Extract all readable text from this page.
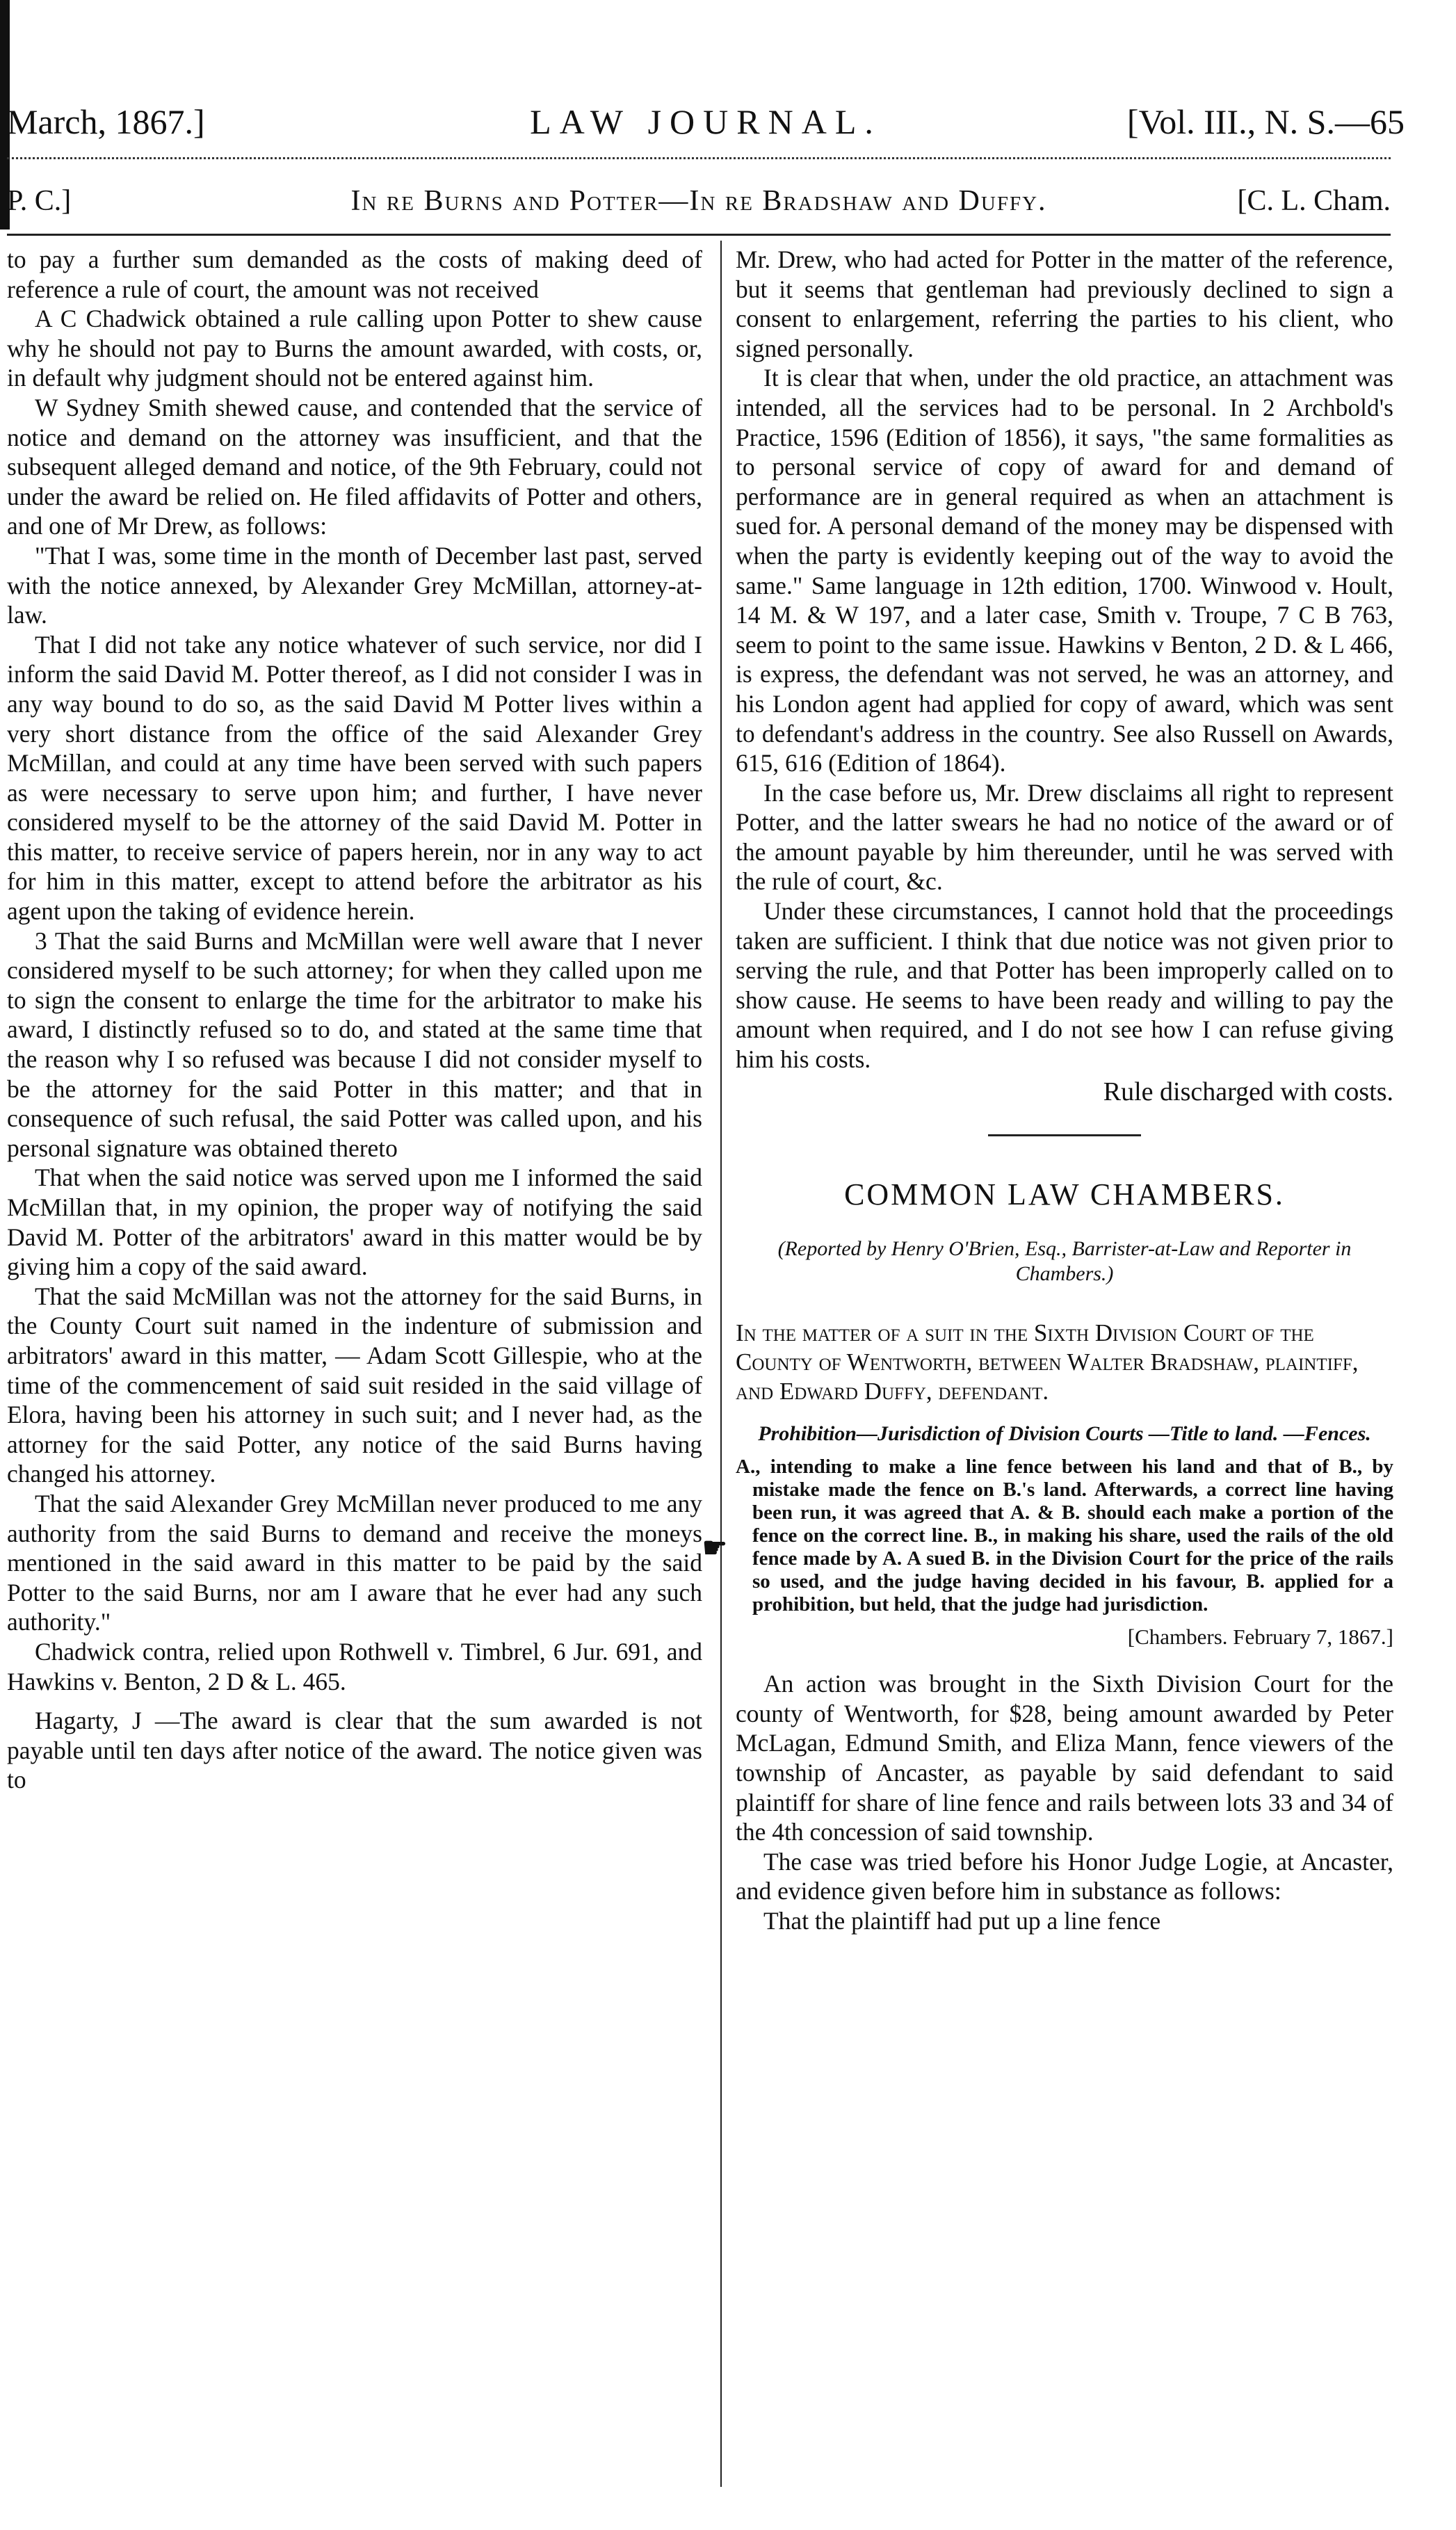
March, 1867.]	LAW JOURNAL.	[Vol. III., N. S.—65
P. C.]	In re Burns and Potter—In re Bradshaw and Duffy.	[C. L. Cham.

to pay a further sum demanded as the costs of making deed of reference a rule of court, the amount was not received

A C Chadwick obtained a rule calling upon Potter to shew cause why he should not pay to Burns the amount awarded, with costs, or, in default why judgment should not be entered against him.

W Sydney Smith shewed cause, and contended that the service of notice and demand on the attorney was insufficient, and that the subsequent alleged demand and notice, of the 9th February, could not under the award be relied on. He filed affidavits of Potter and others, and one of Mr Drew, as follows:

"That I was, some time in the month of December last past, served with the notice annexed, by Alexander Grey McMillan, attorney-at-law.

That I did not take any notice whatever of such service, nor did I inform the said David M. Potter thereof, as I did not consider I was in any way bound to do so, as the said David M Potter lives within a very short distance from the office of the said Alexander Grey McMillan, and could at any time have been served with such papers as were necessary to serve upon him; and further, I have never considered myself to be the attorney of the said David M. Potter in this matter, to receive service of papers herein, nor in any way to act for him in this matter, except to attend before the arbitrator as his agent upon the taking of evidence herein.

3 That the said Burns and McMillan were well aware that I never considered myself to be such attorney; for when they called upon me to sign the consent to enlarge the time for the arbitrator to make his award, I distinctly refused so to do, and stated at the same time that the reason why I so refused was because I did not consider myself to be the attorney for the said Potter in this matter; and that in consequence of such refusal, the said Potter was called upon, and his personal signature was obtained thereto

That when the said notice was served upon me I informed the said McMillan that, in my opinion, the proper way of notifying the said David M. Potter of the arbitrators' award in this matter would be by giving him a copy of the said award.

That the said McMillan was not the attorney for the said Burns, in the County Court suit named in the indenture of submission and arbitrators' award in this matter, — Adam Scott Gillespie, who at the time of the commencement of said suit resided in the said village of Elora, having been his attorney in such suit; and I never had, as the attorney for the said Potter, any notice of the said Burns having changed his attorney.

That the said Alexander Grey McMillan never produced to me any authority from the said Burns to demand and receive the moneys mentioned in the said award in this matter to be paid by the said Potter to the said Burns, nor am I aware that he ever had any such authority."

Chadwick contra, relied upon Rothwell v. Timbrel, 6 Jur. 691, and Hawkins v. Benton, 2 D & L. 465.

Hagarty, J —The award is clear that the sum awarded is not payable until ten days after notice of the award. The notice given was to

Mr. Drew, who had acted for Potter in the matter of the reference, but it seems that gentleman had previously declined to sign a consent to enlargement, referring the parties to his client, who signed personally.

It is clear that when, under the old practice, an attachment was intended, all the services had to be personal. In 2 Archbold's Practice, 1596 (Edition of 1856), it says, "the same formalities as to personal service of copy of award for and demand of performance are in general required as when an attachment is sued for. A personal demand of the money may be dispensed with when the party is evidently keeping out of the way to avoid the same." Same language in 12th edition, 1700. Winwood v. Hoult, 14 M. & W 197, and a later case, Smith v. Troupe, 7 C B 763, seem to point to the same issue. Hawkins v Benton, 2 D. & L 466, is express, the defendant was not served, he was an attorney, and his London agent had applied for copy of award, which was sent to defendant's address in the country. See also Russell on Awards, 615, 616 (Edition of 1864).

In the case before us, Mr. Drew disclaims all right to represent Potter, and the latter swears he had no notice of the award or of the amount payable by him thereunder, until he was served with the rule of court, &c.

Under these circumstances, I cannot hold that the proceedings taken are sufficient. I think that due notice was not given prior to serving the rule, and that Potter has been improperly called on to show cause. He seems to have been ready and willing to pay the amount when required, and I do not see how I can refuse giving him his costs.

Rule discharged with costs.

COMMON LAW CHAMBERS.
(Reported by Henry O'Brien, Esq., Barrister-at-Law and Reporter in Chambers.)
In the matter of a suit in the Sixth Division Court of the County of Wentworth, between Walter Bradshaw, plaintiff, and Edward Duffy, defendant.
Prohibition—Jurisdiction of Division Courts —Title to land. —Fences.
☛
A., intending to make a line fence between his land and that of B., by mistake made the fence on B.'s land. Afterwards, a correct line having been run, it was agreed that A. & B. should each make a portion of the fence on the correct line. B., in making his share, used the rails of the old fence made by A. A sued B. in the Division Court for the price of the rails so used, and the judge having decided in his favour, B. applied for a prohibition, but held, that the judge had jurisdiction.
[Chambers. February 7, 1867.]

An action was brought in the Sixth Division Court for the county of Wentworth, for $28, being amount awarded by Peter McLagan, Edmund Smith, and Eliza Mann, fence viewers of the township of Ancaster, as payable by said defendant to said plaintiff for share of line fence and rails between lots 33 and 34 of the 4th concession of said township.

The case was tried before his Honor Judge Logie, at Ancaster, and evidence given before him in substance as follows:

That the plaintiff had put up a line fence
